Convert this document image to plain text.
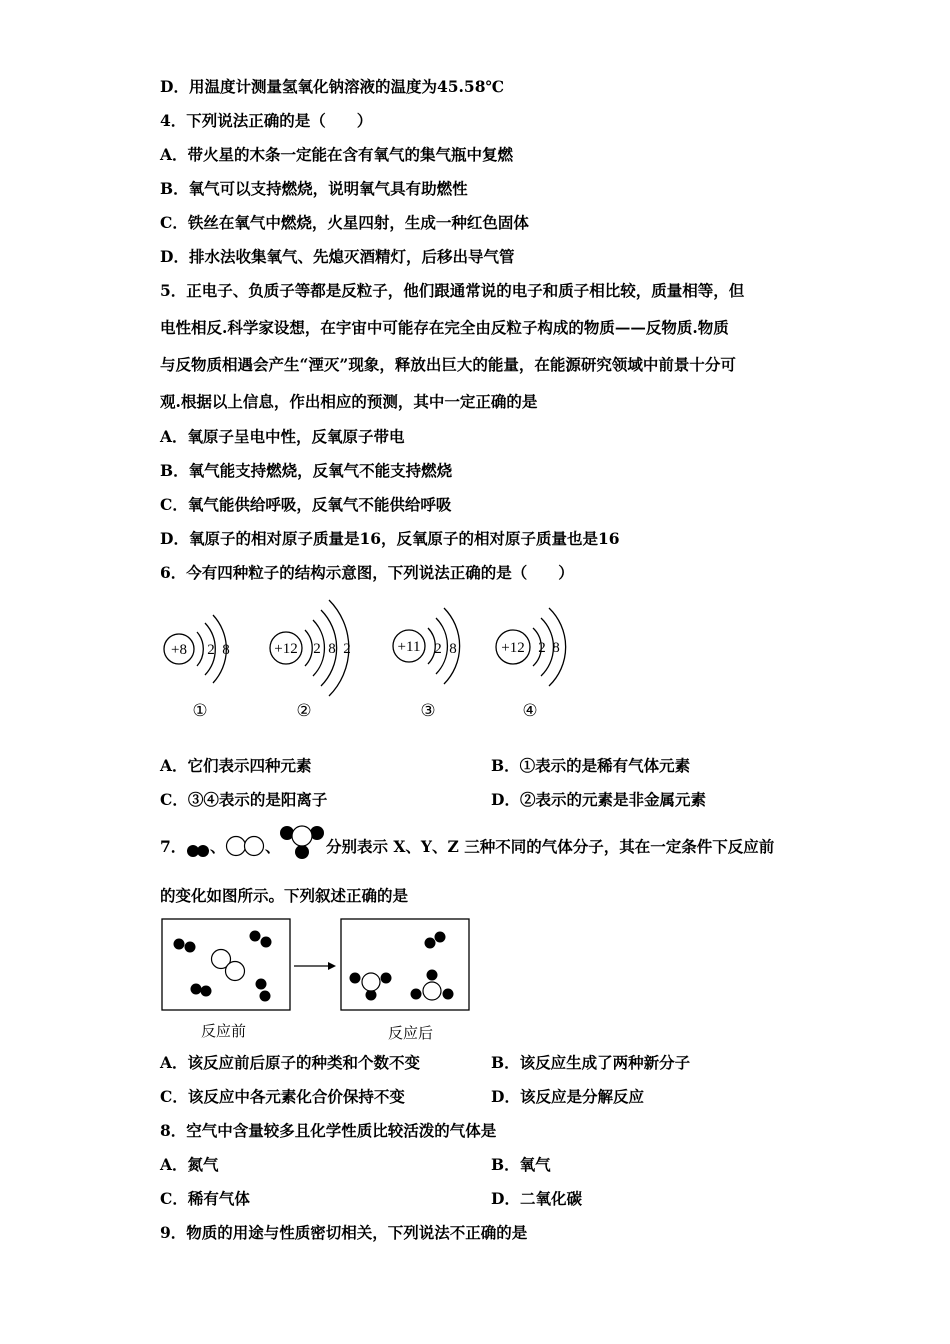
D．用温度计测量氢氧化钠溶液的温度为45.58℃
4．下列说法正确的是（　　）
A．带火星的木条一定能在含有氧气的集气瓶中复燃
B．氧气可以支持燃烧，说明氧气具有助燃性
C．铁丝在氧气中燃烧，火星四射，生成一种红色固体
D．排水法收集氧气、先熄灭酒精灯，后移出导气管
5．正电子、负质子等都是反粒子，他们跟通常说的电子和质子相比较，质量相等，但
电性相反.科学家设想，在宇宙中可能存在完全由反粒子构成的物质——反物质.物质
与反物质相遇会产生“湮灭”现象，释放出巨大的能量，在能源研究领域中前景十分可
观.根据以上信息，作出相应的预测，其中一定正确的是
A．氧原子呈电中性，反氧原子带电
B．氧气能支持燃烧，反氧气不能支持燃烧
C．氧气能供给呼吸，反氧气不能供给呼吸
D．氧原子的相对原子质量是16，反氧原子的相对原子质量也是16
6．今有四种粒子的结构示意图，下列说法正确的是（　　）
+8 2 8
①
+12 2 8 2
②
+11 2 8
③
+12 2 8
④
A．它们表示四种元素	B．①表示的是稀有气体元素
C．③④表示的是阳离子	D．②表示的元素是非金属元素
7． 、	、	分别表示 X、Y、Z 三种不同的气体分子，其在一定条件下反应前
的变化如图所示。下列叙述正确的是
反应前	反应后
A．该反应前后原子的种类和个数不变	B．该反应生成了两种新分子
C．该反应中各元素化合价保持不变	D．该反应是分解反应
8．空气中含量较多且化学性质比较活泼的气体是
A．氮气	B．氧气
C．稀有气体	D．二氧化碳
9．物质的用途与性质密切相关，下列说法不正确的是
